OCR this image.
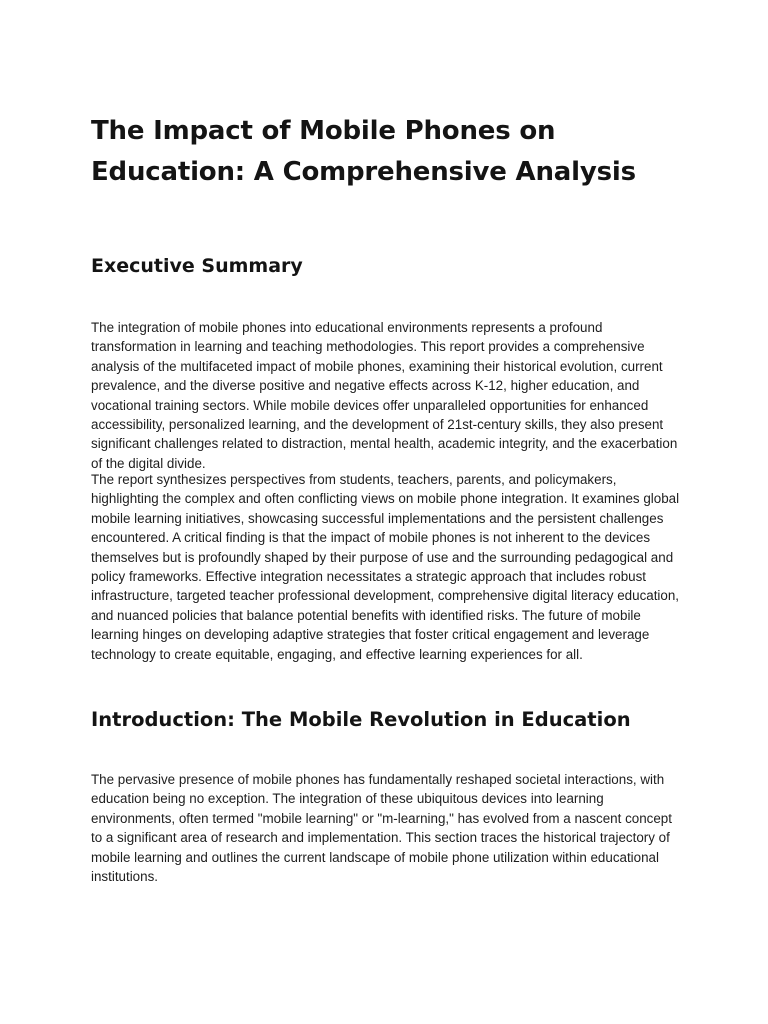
The Impact of Mobile Phones on Education: A Comprehensive Analysis
Executive Summary

The integration of mobile phones into educational environments represents a profound transformation in learning and teaching methodologies. This report provides a comprehensive analysis of the multifaceted impact of mobile phones, examining their historical evolution, current prevalence, and the diverse positive and negative effects across K-12, higher education, and vocational training sectors. While mobile devices offer unparalleled opportunities for enhanced accessibility, personalized learning, and the development of 21st-century skills, they also present significant challenges related to distraction, mental health, academic integrity, and the exacerbation of the digital divide.

The report synthesizes perspectives from students, teachers, parents, and policymakers, highlighting the complex and often conflicting views on mobile phone integration. It examines global mobile learning initiatives, showcasing successful implementations and the persistent challenges encountered. A critical finding is that the impact of mobile phones is not inherent to the devices themselves but is profoundly shaped by their purpose of use and the surrounding pedagogical and policy frameworks. Effective integration necessitates a strategic approach that includes robust infrastructure, targeted teacher professional development, comprehensive digital literacy education, and nuanced policies that balance potential benefits with identified risks. The future of mobile learning hinges on developing adaptive strategies that foster critical engagement and leverage technology to create equitable, engaging, and effective learning experiences for all.

Introduction: The Mobile Revolution in Education

The pervasive presence of mobile phones has fundamentally reshaped societal interactions, with education being no exception. The integration of these ubiquitous devices into learning environments, often termed "mobile learning" or "m-learning," has evolved from a nascent concept to a significant area of research and implementation. This section traces the historical trajectory of mobile learning and outlines the current landscape of mobile phone utilization within educational institutions.
